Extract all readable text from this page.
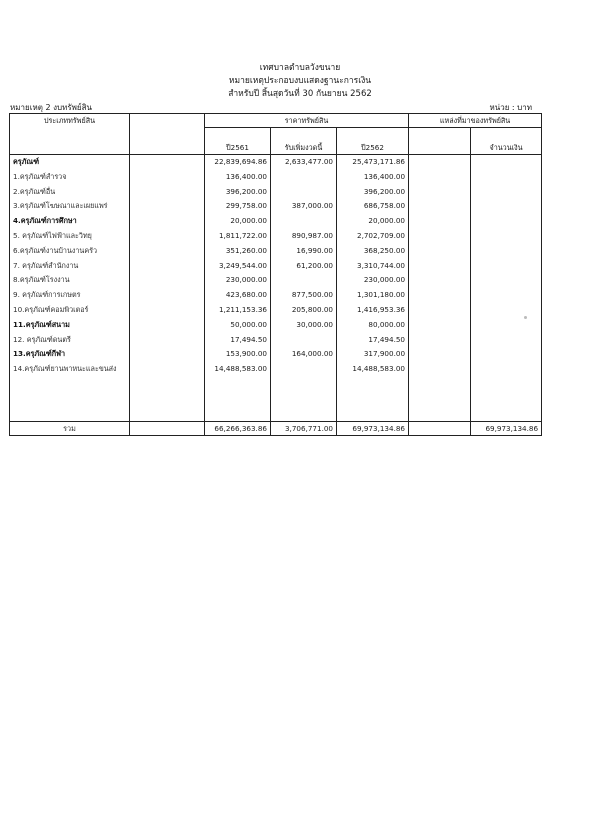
เทศบาลตำบลวังขนาย
หมายเหตุประกอบงบแสดงฐานะการเงิน
สำหรับปี สิ้นสุดวันที่ 30 กันยายน 2562
หมายเหตุ 2 งบทรัพย์สิน	หน่วย : บาท
ประเภททรัพย์สิน		ราคาทรัพย์สิน			แหล่งที่มาของทรัพย์สิน	

		ปี2561	รับเพิ่มงวดนี้	ปี2562		จำนวนเงิน
ครุภัณฑ์		22,839,694.86	2,633,477.00	25,473,171.86		
1.ครุภัณฑ์สำรวจ		136,400.00		136,400.00		
2.ครุภัณฑ์อื่น		396,200.00		396,200.00		
3.ครุภัณฑ์โฆษณาและเผยแพร่		299,758.00	387,000.00	686,758.00		
4.ครุภัณฑ์การศึกษา		20,000.00		20,000.00		
5. ครุภัณฑ์ไฟฟ้าและวิทยุ		1,811,722.00	890,987.00	2,702,709.00		
6.ครุภัณฑ์งานบ้านงานครัว		351,260.00	16,990.00	368,250.00		
7. ครุภัณฑ์สำนักงาน		3,249,544.00	61,200.00	3,310,744.00		
8.ครุภัณฑ์โรงงาน		230,000.00		230,000.00		
9. ครุภัณฑ์การเกษตร		423,680.00	877,500.00	1,301,180.00		
10.ครุภัณฑ์คอมพิวเตอร์		1,211,153.36	205,800.00	1,416,953.36		
11.ครุภัณฑ์สนาม		50,000.00	30,000.00	80,000.00		
12. ครุภัณฑ์ดนตรี		17,494.50		17,494.50		
13.ครุภัณฑ์กีฬา		153,900.00	164,000.00	317,900.00		
14.ครุภัณฑ์ยานพาหนะและขนส่ง		14,488,583.00		14,488,583.00		

รวม		66,266,363.86	3,706,771.00	69,973,134.86		69,973,134.86
